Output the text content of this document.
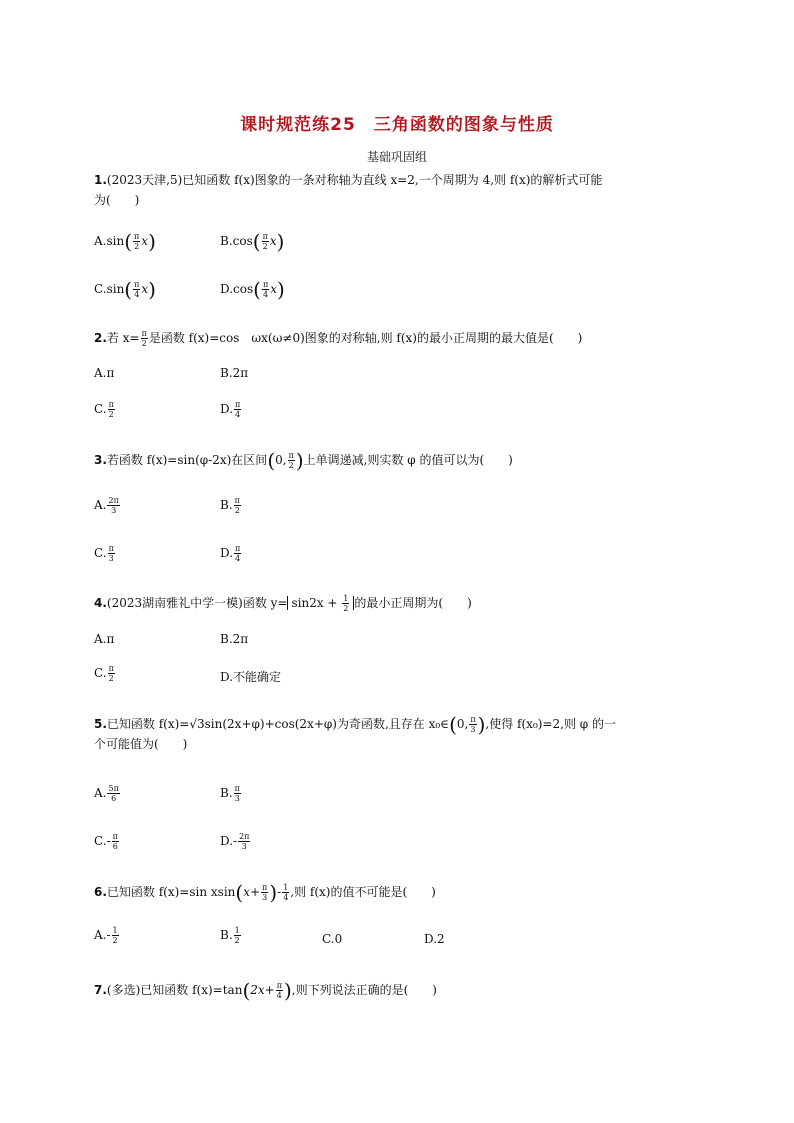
课时规范练25　三角函数的图象与性质
基础巩固组
1.(2023天津,5)已知函数 f(x)图象的一条对称轴为直线 x=2,一个周期为 4,则 f(x)的解析式可能
为(　　)
$A.\sin( \frac{\pi}{2} x)$	$B.\cos( \frac{\pi}{2} x)$
$C.\sin( \frac{\pi}{4} x)$	$D.\cos( \frac{\pi}{4} x)$
2.若 $x= \frac{\pi}{2}$ 是函数 f(x)=cos　ωx(ω≠0)图象的对称轴,则 f(x)的最小正周期的最大值是(　　)
A.π	B.2π
C. $\frac{\pi}{2}$	D. $\frac{\pi}{4}$
3.若函数 f(x)=sin(φ-2x)在区间(0, $\frac{\pi}{2}$ )上单调递减,则实数 φ 的值可以为(　　)
A. $\frac{2\pi}{3}$	B. $\frac{\pi}{2}$
C. $\frac{\pi}{3}$	D. $\frac{\pi}{4}$
4.(2023湖南雅礼中学一模)函数 $y= \sin 2x + \frac{1}{2}$ 的最小正周期为(　　)
A.π	B.2π
C. $\frac{\pi}{2}$	D.不能确定
5.已知函数 f(x)=√3sin(2x+φ)+cos(2x+φ)为奇函数,且存在 x₀∈(0, $\frac{\pi}{3}$ ),使得 f(x₀)=2,则 φ 的一
个可能值为(　　)
A. $\frac{5\pi}{6}$	B. $\frac{\pi}{3}$
$C.- \frac{\pi}{6}$	$D.- \frac{2\pi}{3}$
6.已知函数 f(x)=sin $xsin(x+ \frac{\pi}{3}$ )- $\frac{1}{4}$ ,则 f(x)的值不可能是(　　)
$A.- \frac{1}{2}$	B. $\frac{1}{2}$	C.0	D.2
7.(多选)已知函数 $f(x)=\tan(2x+ \frac{\pi}{4}$ ),则下列说法正确的是(　　)
